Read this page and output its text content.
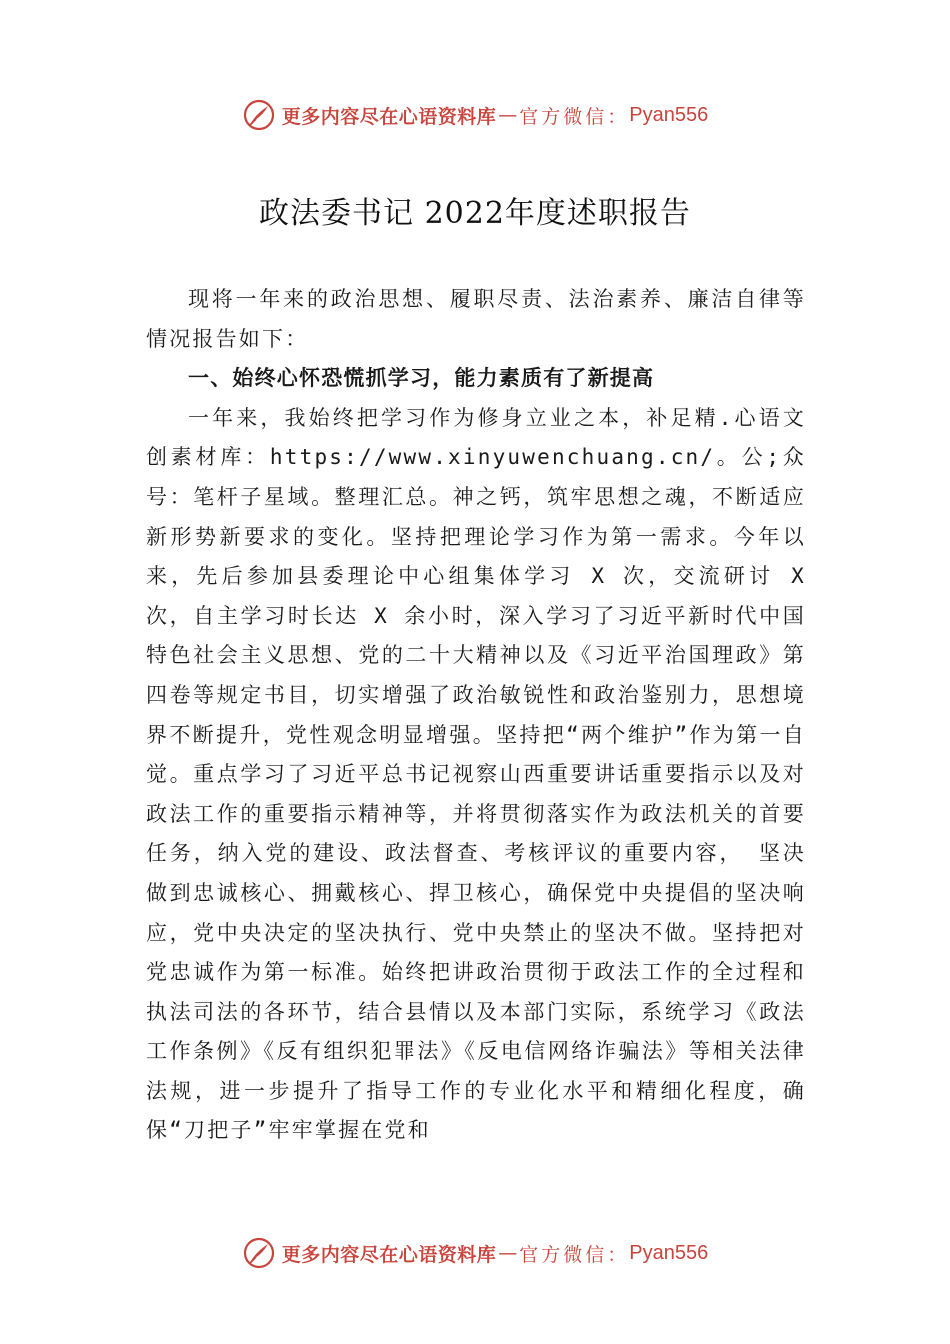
更多内容尽在心语资料库 — 官方微信： Pyan556
政法委书记 2022年度述职报告

现将一年来的政治思想、履职尽责、法治素养、廉洁自律等情况报告如下：

一、始终心怀恐慌抓学习，能力素质有了新提高

一年来，我始终把学习作为修身立业之本，补足精.心语文创素材库：https://www.xinyuwenchuang.cn/。公;众号：笔杆子星域。整理汇总。神之钙，筑牢思想之魂，不断适应新形势新要求的变化。坚持把理论学习作为第一需求。今年以来，先后参加县委理论中心组集体学习 X 次，交流研讨 X 次，自主学习时长达 X 余小时，深入学习了习近平新时代中国特色社会主义思想、党的二十大精神以及《习近平治国理政》第四卷等规定书目，切实增强了政治敏锐性和政治鉴别力，思想境界不断提升，党性观念明显增强。坚持把“两个维护”作为第一自觉。重点学习了习近平总书记视察山西重要讲话重要指示以及对政法工作的重要指示精神等，并将贯彻落实作为政法机关的首要任务，纳入党的建设、政法督查、考核评议的重要内容， 坚决做到忠诚核心、拥戴核心、捍卫核心，确保党中央提倡的坚决响应，党中央决定的坚决执行、党中央禁止的坚决不做。坚持把对党忠诚作为第一标准。始终把讲政治贯彻于政法工作的全过程和执法司法的各环节，结合县情以及本部门实际，系统学习《政法工作条例》《反有组织犯罪法》《反电信网络诈骗法》等相关法律法规，进一步提升了指导工作的专业化水平和精细化程度，确保“刀把子”牢牢掌握在党和

更多内容尽在心语资料库 — 官方微信： Pyan556
